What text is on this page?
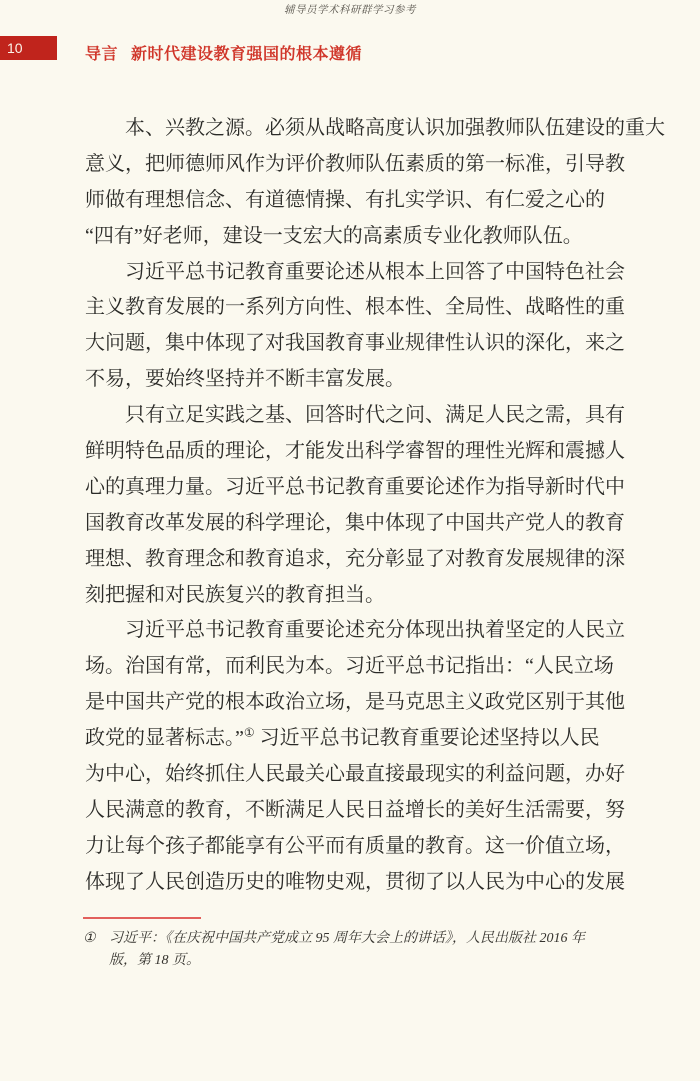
辅导员学术科研群学习参考
10	导言 新时代建设教育强国的根本遵循
本、兴教之源。必须从战略高度认识加强教师队伍建设的重大
意义，把师德师风作为评价教师队伍素质的第一标准，引导教
师做有理想信念、有道德情操、有扎实学识、有仁爱之心的
“四有”好老师，建设一支宏大的高素质专业化教师队伍。
习近平总书记教育重要论述从根本上回答了中国特色社会
主义教育发展的一系列方向性、根本性、全局性、战略性的重
大问题，集中体现了对我国教育事业规律性认识的深化，来之
不易，要始终坚持并不断丰富发展。
只有立足实践之基、回答时代之问、满足人民之需，具有
鲜明特色品质的理论，才能发出科学睿智的理性光辉和震撼人
心的真理力量。习近平总书记教育重要论述作为指导新时代中
国教育改革发展的科学理论，集中体现了中国共产党人的教育
理想、教育理念和教育追求，充分彰显了对教育发展规律的深
刻把握和对民族复兴的教育担当。
习近平总书记教育重要论述充分体现出执着坚定的人民立
场。治国有常，而利民为本。习近平总书记指出：“人民立场
是中国共产党的根本政治立场，是马克思主义政党区别于其他
政党的显著标志。”① 习近平总书记教育重要论述坚持以人民
为中心，始终抓住人民最关心最直接最现实的利益问题，办好
人民满意的教育，不断满足人民日益增长的美好生活需要，努
力让每个孩子都能享有公平而有质量的教育。这一价值立场，
体现了人民创造历史的唯物史观，贯彻了以人民为中心的发展
① 习近平：《在庆祝中国共产党成立 95 周年大会上的讲话》，人民出版社 2016 年
版，第 18 页。
